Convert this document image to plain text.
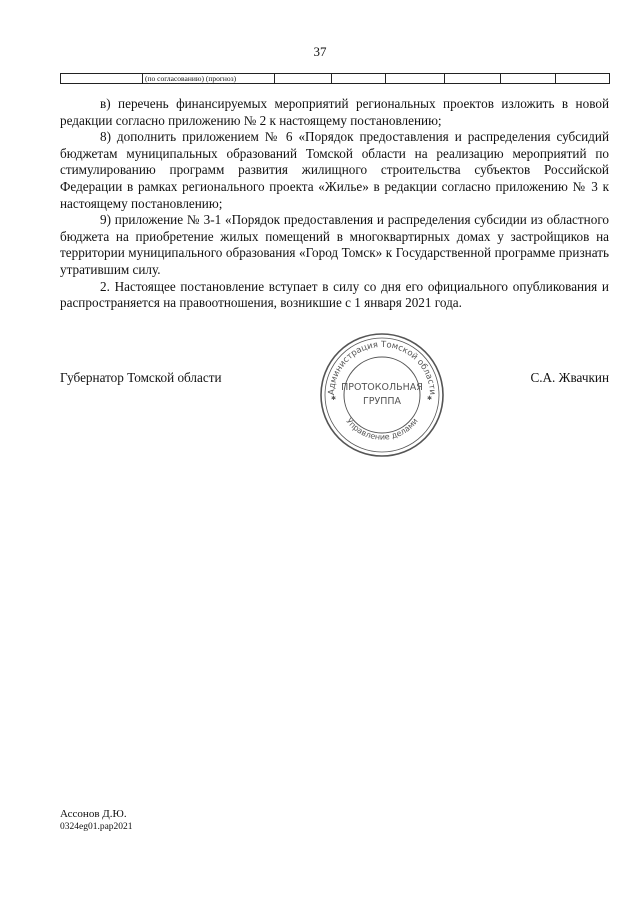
37
	(по согласованию) (прогноз)						

в) перечень финансируемых мероприятий региональных проектов изложить в новой редакции согласно приложению № 2 к настоящему постановлению;

8) дополнить приложением № 6 «Порядок предоставления и распределения субсидий бюджетам муниципальных образований Томской области на реализацию мероприятий по стимулированию программ развития жилищного строительства субъектов Российской Федерации в рамках регионального проекта «Жилье» в редакции согласно приложению № 3 к настоящему постановлению;

9) приложение № 3-1 «Порядок предоставления и распределения субсидии из областного бюджета на приобретение жилых помещений в многоквартирных домах у застройщиков на территории муниципального образования «Город Томск» к Государственной программе признать утратившим силу.

2. Настоящее постановление вступает в силу со дня его официального опубликования и распространяется на правоотношения, возникшие с 1 января 2021 года.

Губернатор Томской области	С.А. Жвачкин
Администрация Томской области
Управление делами
ПРОТОКОЛЬНАЯ
ГРУППА
✱	✱
Ассонов Д.Ю.
0324eg01.pap2021
